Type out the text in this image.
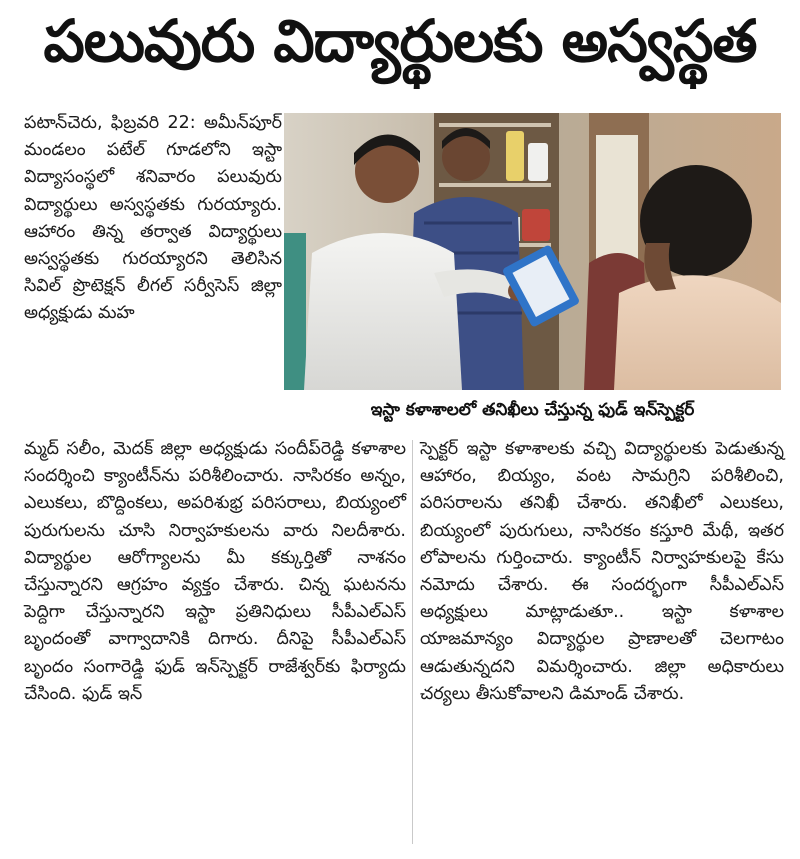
పలువురు విద్యార్థులకు అస్వస్థత
పటాన్‌చెరు, ఫిబ్రవరి 22: అమీన్‌పూర్ మండలం పటేల్ గూడలోని ఇస్టా విద్యాసంస్థలో శనివారం పలువురు విద్యార్థులు అస్వస్థతకు గురయ్యారు. ఆహారం తిన్న తర్వాత విద్యార్థులు అస్వస్థతకు గురయ్యారని తెలిసిన సివిల్ ప్రొటెక్షన్ లీగల్ సర్వీసెస్ జిల్లా అధ్యక్షుడు మహ
ఇస్టా కళాశాలలో తనిఖీలు చేస్తున్న ఫుడ్ ఇన్‌స్పెక్టర్
మ్మద్ సలీం, మెదక్ జిల్లా అధ్యక్షుడు సందీప్‌రెడ్డి కళాశాల సందర్శించి క్యాంటీన్‌ను పరిశీలించారు. నాసిరకం అన్నం, ఎలుకలు, బొద్దింకలు, అపరిశుభ్ర పరిసరాలు, బియ్యంలో పురుగులను చూసి నిర్వాహకులను వారు నిలదీశారు. విద్యార్థుల ఆరోగ్యాలను మీ కక్కుర్తితో నాశనం చేస్తున్నారని ఆగ్రహం వ్యక్తం చేశారు. చిన్న ఘటనను పెద్దిగా చేస్తున్నారని ఇస్టా ప్రతినిధులు సీపీఎల్‌ఎస్ బృందంతో వాగ్వాదానికి దిగారు. దీనిపై సీపీఎల్‌ఎస్ బృందం సంగారెడ్డి ఫుడ్ ఇన్‌స్పెక్టర్ రాజేశ్వర్‌కు ఫిర్యాదు చేసింది. ఫుడ్ ఇన్
స్పెక్టర్ ఇస్టా కళాశాలకు వచ్చి విద్యార్థులకు పెడుతున్న ఆహారం, బియ్యం, వంట సామగ్రిని పరిశీలించి, పరిసరాలను తనిఖీ చేశారు. తనిఖీలో ఎలుకలు, బియ్యంలో పురుగులు, నాసిరకం కస్తూరి మేథీ, ఇతర లోపాలను గుర్తించారు. క్యాంటీన్ నిర్వాహకులపై కేసు నమోదు చేశారు. ఈ సందర్భంగా సీపీఎల్‌ఎస్ అధ్యక్షులు మాట్లాడుతూ.. ఇస్టా కళాశాల యాజమాన్యం విద్యార్థుల ప్రాణాలతో చెలగాటం ఆడుతున్నదని విమర్శించారు. జిల్లా అధికారులు చర్యలు తీసుకోవాలని డిమాండ్ చేశారు.
